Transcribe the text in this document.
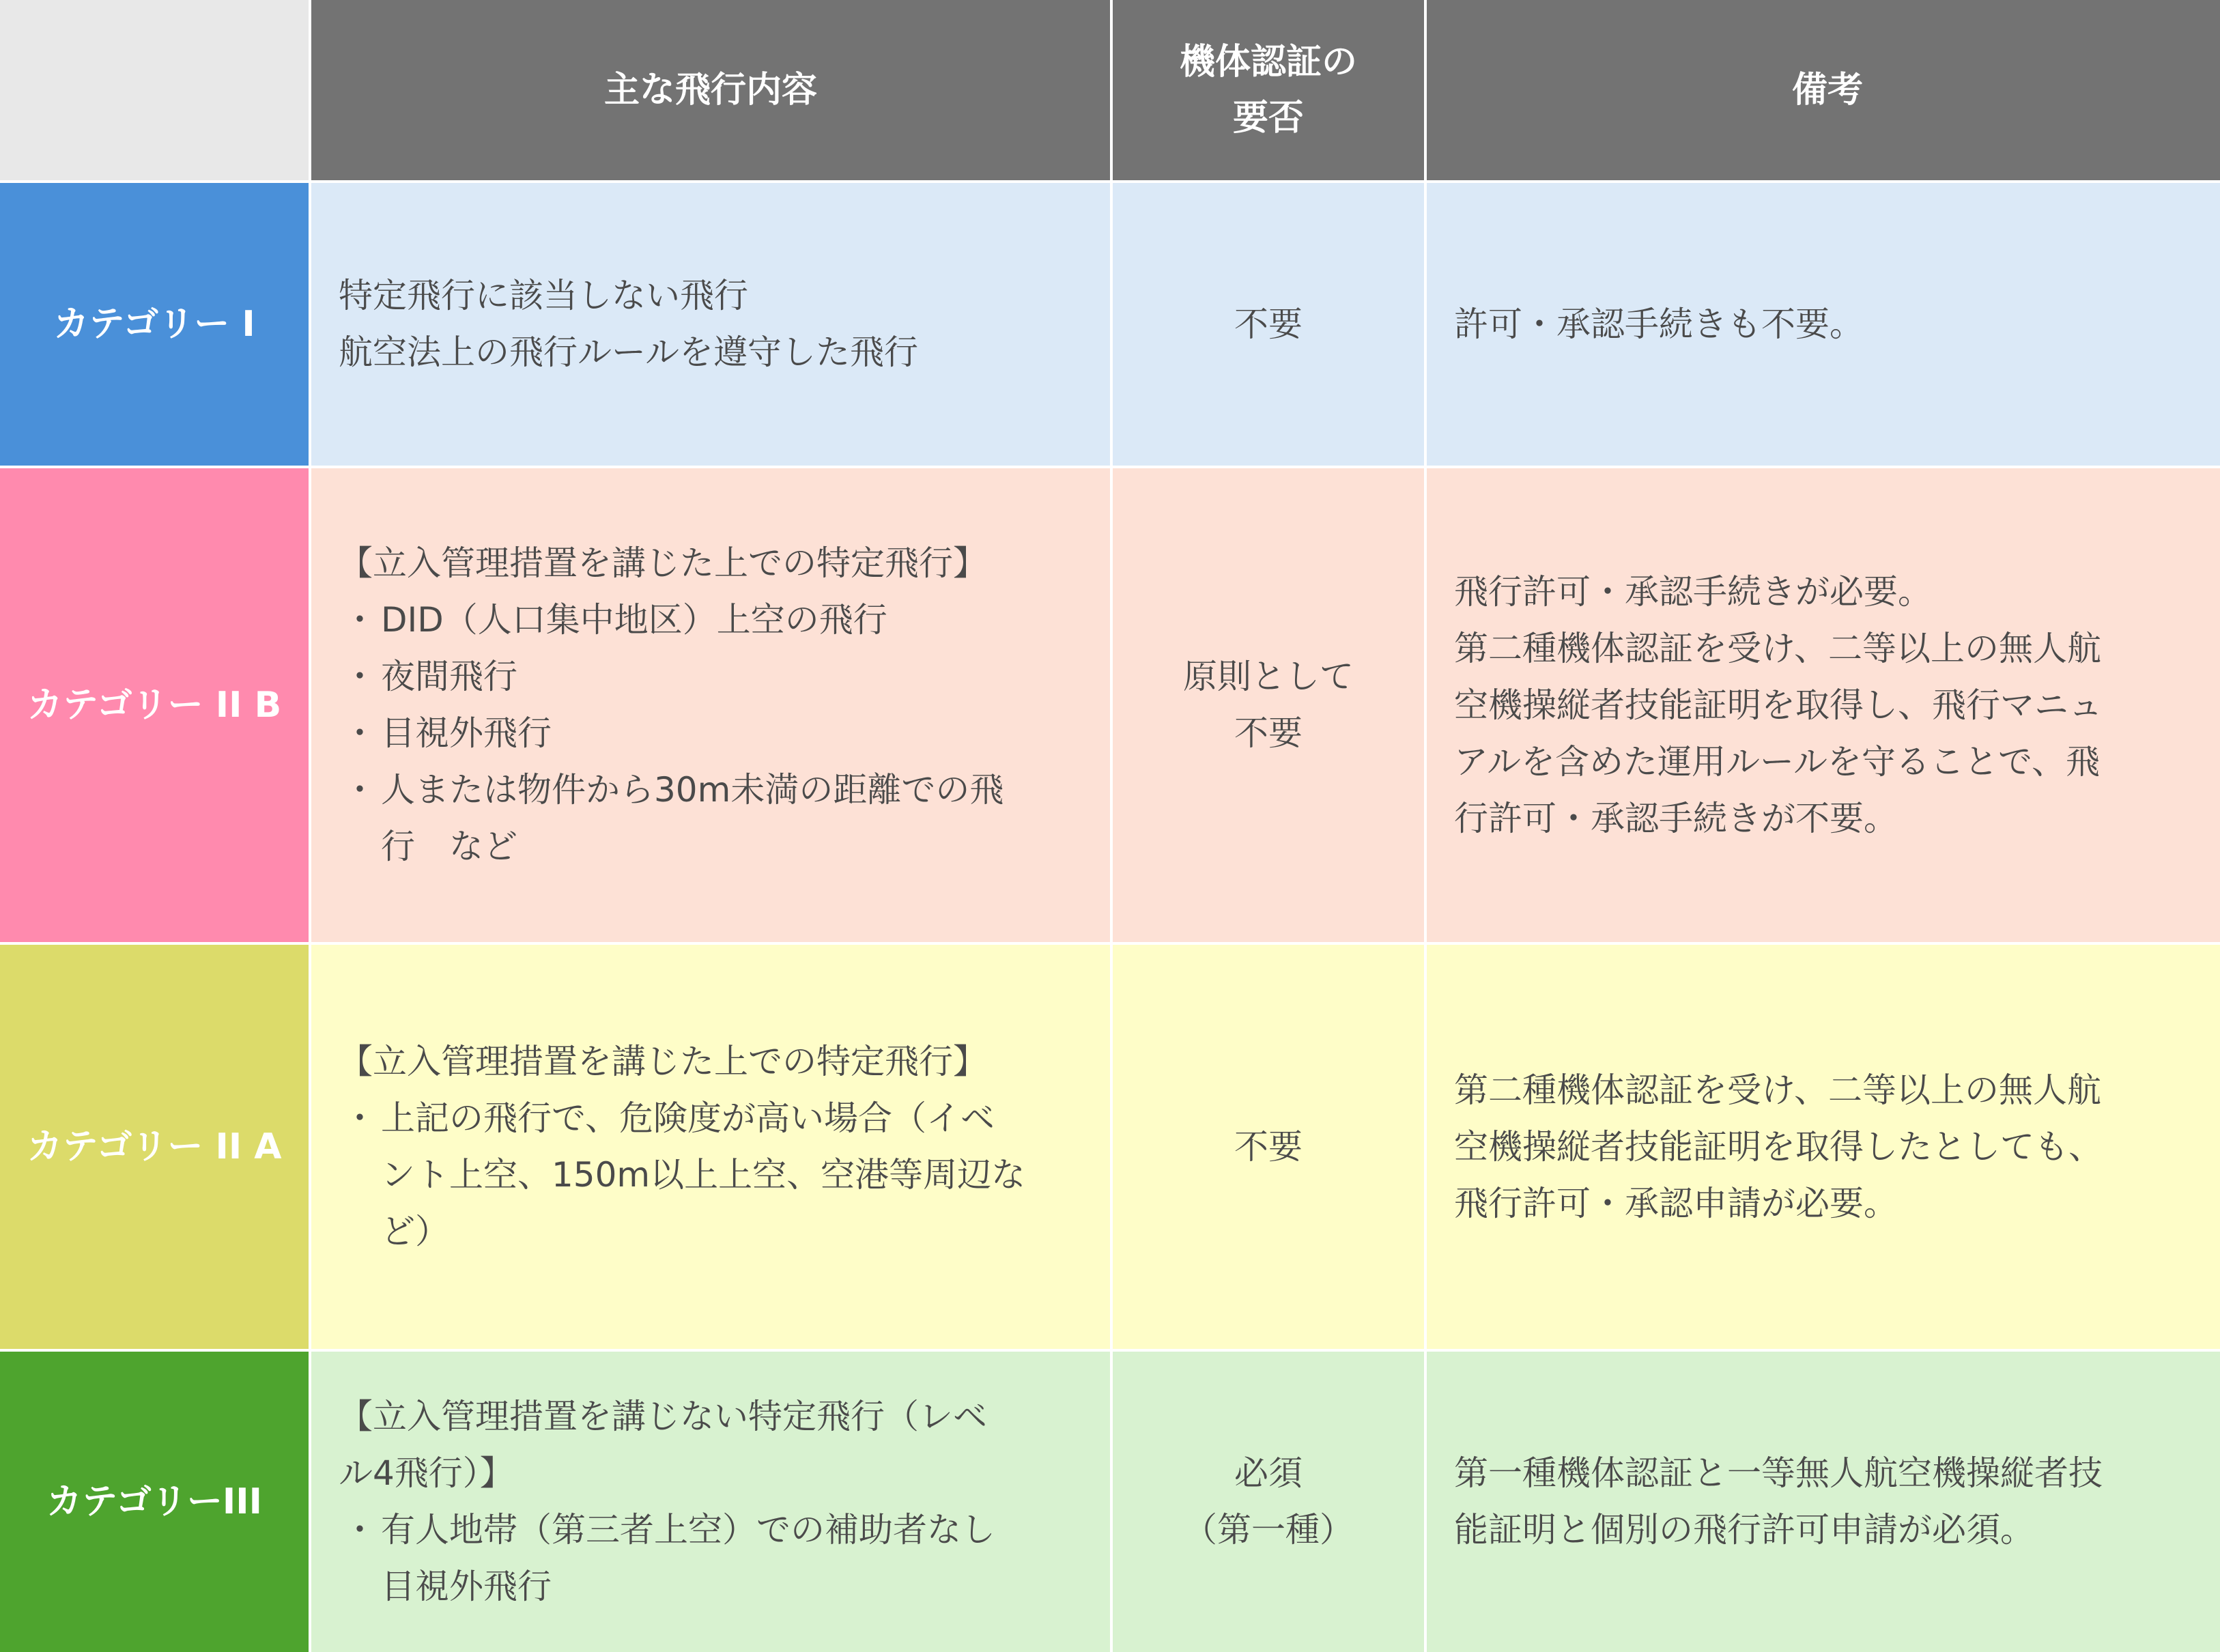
主な飛行内容
機体認証の
要否
備考
カテゴリー I
特定飛行に該当しない飛行
航空法上の飛行ルールを遵守した飛行
不要	許可・承認手続きも不要。
カテゴリー II B
【立入管理措置を講じた上での特定飛行】
・ DID（人口集中地区）上空の飛行
・ 夜間飛行
・ 目視外飛行
・ 人または物件から30m未満の距離での飛
行　など
原則として
不要
飛行許可・承認手続きが必要。
第二種機体認証を受け、二等以上の無人航
空機操縦者技能証明を取得し、飛行マニュ
アルを含めた運用ルールを守ることで、飛
行許可・承認手続きが不要。
カテゴリー II A
【立入管理措置を講じた上での特定飛行】
・ 上記の飛行で、危険度が高い場合（イベ
ント上空、150m以上上空、空港等周辺な
ど）
不要
第二種機体認証を受け、二等以上の無人航
空機操縦者技能証明を取得したとしても、
飛行許可・承認申請が必要。
カテゴリーIII
【立入管理措置を講じない特定飛行（レベ
ル4飛行）】
・ 有人地帯（第三者上空）での補助者なし
目視外飛行
必須
（第一種）
第一種機体認証と一等無人航空機操縦者技
能証明と個別の飛行許可申請が必須。
